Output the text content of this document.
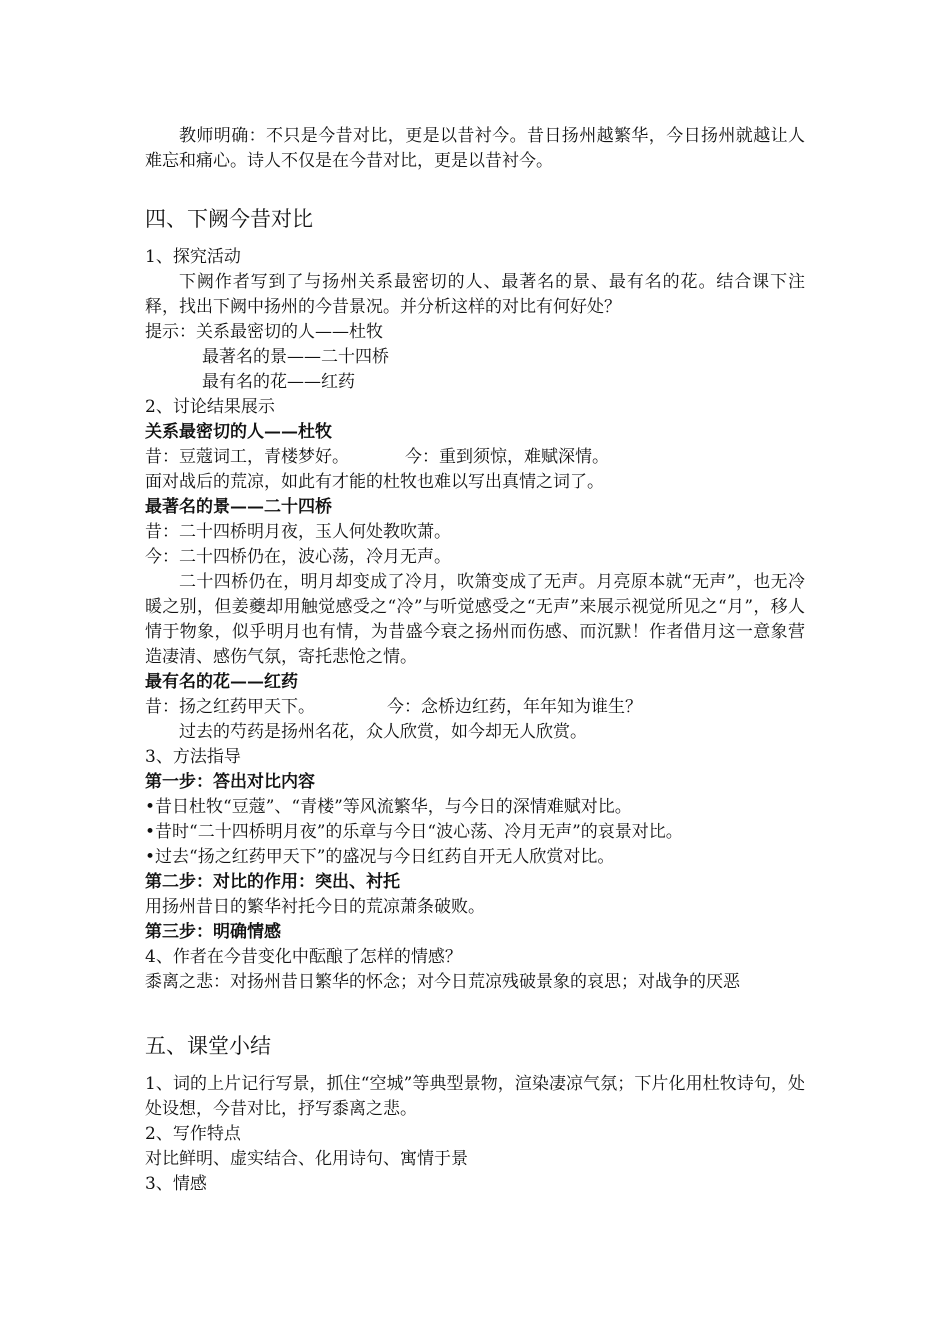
教师明确：不只是今昔对比，更是以昔衬今。昔日扬州越繁华，今日扬州就越让人难忘和痛心。诗人不仅是在今昔对比，更是以昔衬今。

四、下阙今昔对比

1、探究活动

下阙作者写到了与扬州关系最密切的人、最著名的景、最有名的花。结合课下注释，找出下阙中扬州的今昔景况。并分析这样的对比有何好处？

提示：关系最密切的人——杜牧

最著名的景——二十四桥

最有名的花——红药

2、讨论结果展示

关系最密切的人——杜牧

昔：豆蔻词工，青楼梦好。	今：重到须惊，难赋深情。

面对战后的荒凉，如此有才能的杜牧也难以写出真情之词了。

最著名的景——二十四桥

昔：二十四桥明月夜，玉人何处教吹萧。

今：二十四桥仍在，波心荡，冷月无声。

二十四桥仍在，明月却变成了冷月，吹箫变成了无声。月亮原本就“无声”，也无冷暖之别，但姜夔却用触觉感受之“冷”与听觉感受之“无声”来展示视觉所见之“月”，移人情于物象，似乎明月也有情，为昔盛今衰之扬州而伤感、而沉默！作者借月这一意象营造凄清、感伤气氛，寄托悲怆之情。

最有名的花——红药

昔：扬之红药甲天下。	今：念桥边红药，年年知为谁生？

过去的芍药是扬州名花，众人欣赏，如今却无人欣赏。

3、方法指导

第一步：答出对比内容

•昔日杜牧“豆蔻”、“青楼”等风流繁华，与今日的深情难赋对比。

•昔时“二十四桥明月夜”的乐章与今日“波心荡、冷月无声”的哀景对比。

•过去“扬之红药甲天下”的盛况与今日红药自开无人欣赏对比。

第二步：对比的作用：突出、衬托

用扬州昔日的繁华衬托今日的荒凉萧条破败。

第三步：明确情感

4、作者在今昔变化中酝酿了怎样的情感？

黍离之悲：对扬州昔日繁华的怀念；对今日荒凉残破景象的哀思；对战争的厌恶

五、课堂小结

1、词的上片记行写景，抓住“空城”等典型景物，渲染凄凉气氛；下片化用杜牧诗句，处处设想，今昔对比，抒写黍离之悲。

2、写作特点

对比鲜明、虚实结合、化用诗句、寓情于景

3、情感
